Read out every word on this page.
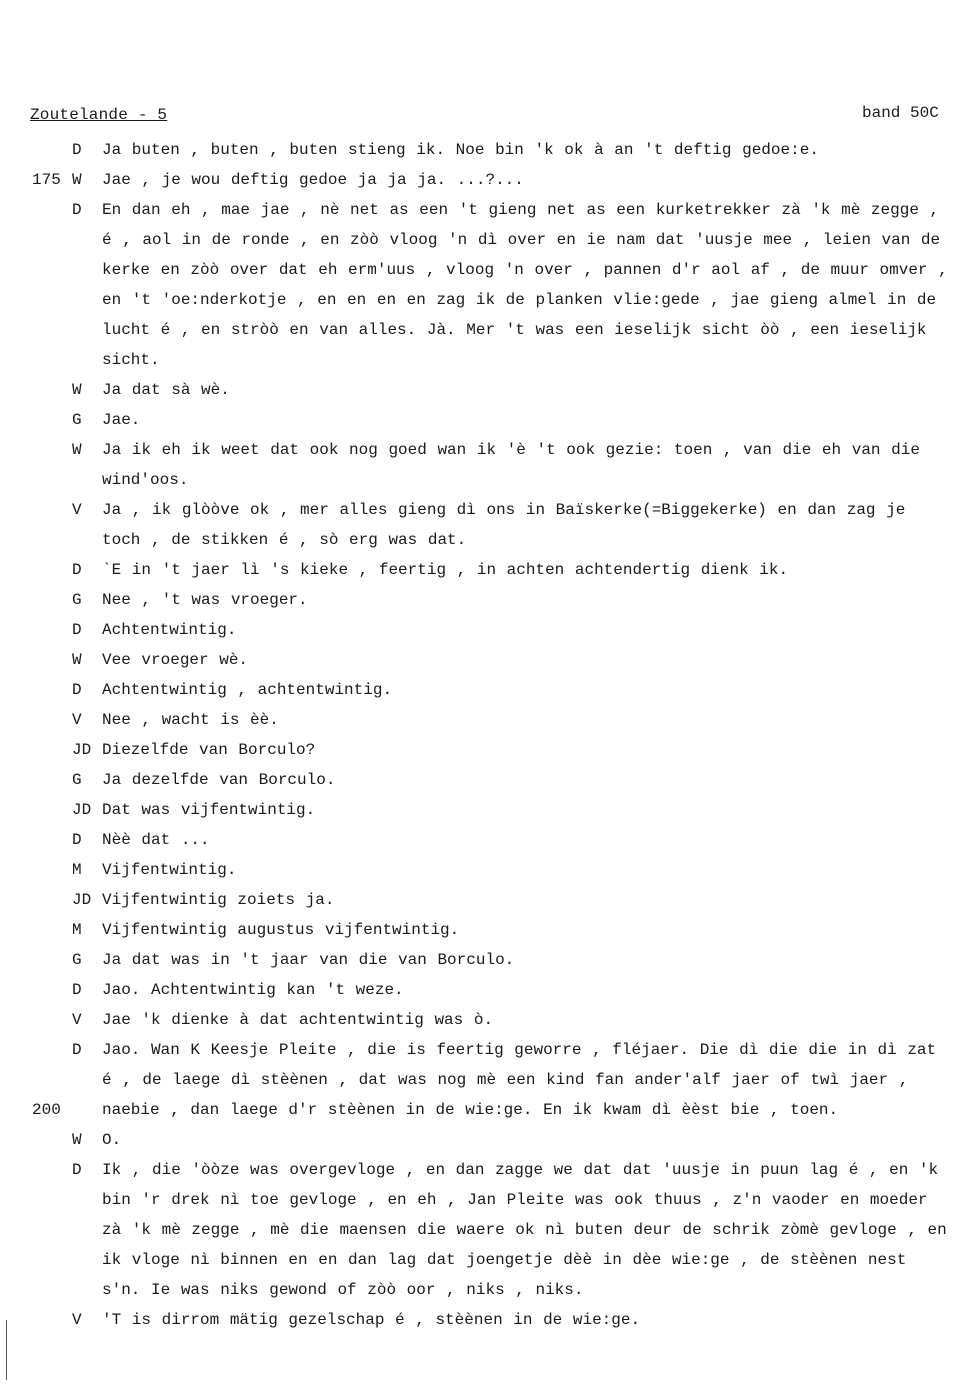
Zoutelande - 5	band 50C
D	Ja buten , buten , buten stieng ik. Noe bin 'k ok à an 't deftig gedoe:e.
175 W	Jae , je wou deftig gedoe ja ja ja. ...?...
D	En dan eh , mae jae , nè net as een 't gieng net as een kurketrekker zà 'k mè zegge , é , aol in de ronde , en zòò vloog 'n dì over en ie nam dat 'uusje mee , leien van de kerke en zòò over dat eh erm'uus , vloog 'n over , pannen d'r aol af , de muur omver , en 't 'oe:nderkotje , en en en en zag ik de planken vlie:gede , jae gieng almel in de lucht é , en stròò en van alles. Jà. Mer 't was een ieselijk sicht òò , een ieselijk sicht.
W	Ja dat sà wè.
G	Jae.
W	Ja ik eh ik weet dat ook nog goed wan ik 'è 't ook gezie: toen , van die eh van die wind'oos.
V	Ja , ik glòòve ok , mer alles gieng dì ons in Baïskerke(=Biggekerke) en dan zag je toch , de stikken é , sò erg was dat.
D	`E in 't jaer lì 's kieke , feertig , in achten achtendertig dienk ik.
G	Nee , 't was vroeger.
D	Achtentwintig.
W	Vee vroeger wè.
D	Achtentwintig , achtentwintig.
V	Nee , wacht is èè.
JD Diezelfde van Borculo?
G	Ja dezelfde van Borculo.
JD Dat was vijfentwintig.
D	Nèè dat ...
M	Vijfentwintig.
JD Vijfentwintig zoiets ja.
M	Vijfentwintig augustus vijfentwintig.
G	Ja dat was in 't jaar van die van Borculo.
D	Jao. Achtentwintig kan 't weze.
V	Jae 'k dienke à dat achtentwintig was ò.
200
D	Jao. Wan K Keesje Pleite , die is feertig geworre , fléjaer. Die dì die die in dì zat é , de laege dì stèènen , dat was nog mè een kind fan ander'alf jaer of twì jaer , naebie , dan laege d'r stèènen in de wie:ge. En ik kwam dì èèst bie , toen.
W	O.
D	Ik , die 'òòze was overgevloge , en dan zagge we dat dat 'uusje in puun lag é , en 'k bin 'r drek nì toe gevloge , en eh , Jan Pleite was ook thuus , z'n vaoder en moeder zà 'k mè zegge , mè die maensen die waere ok nì buten deur de schrik zòmè gevloge , en ik vloge nì binnen en en dan lag dat joengetje dèè in dèe wie:ge , de stèènen nest s'n. Ie was niks gewond of zòò oor , niks , niks.
V	'T is dirrom mätig gezelschap é , stèènen in de wie:ge.
